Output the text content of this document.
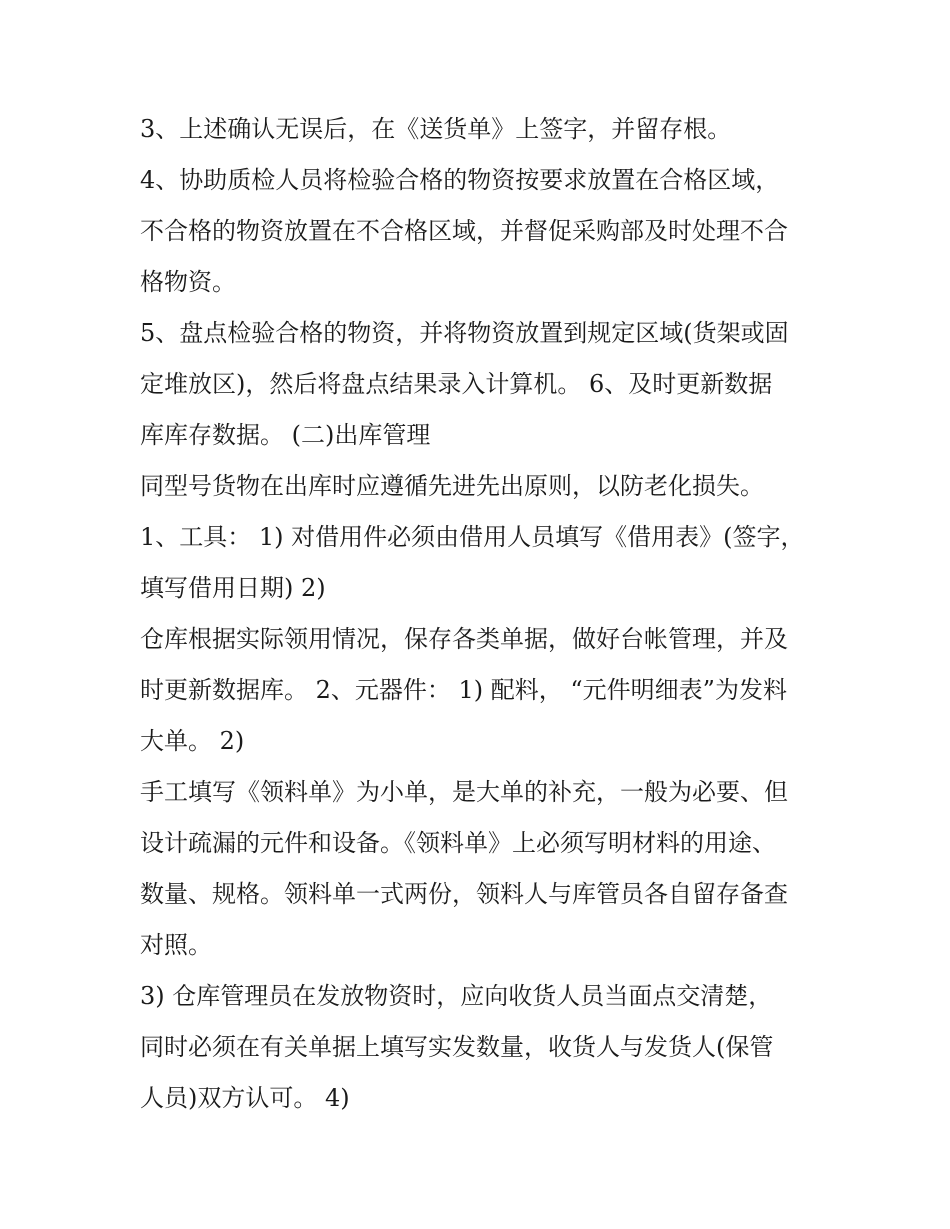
3、上述确认无误后，在《送货单》上签字，并留存根。
4、协助质检人员将检验合格的物资按要求放置在合格区域，
不合格的物资放置在不合格区域，并督促采购部及时处理不合
格物资。
5、盘点检验合格的物资，并将物资放置到规定区域(货架或固
定堆放区)，然后将盘点结果录入计算机。 6、及时更新数据
库库存数据。 (二)出库管理
同型号货物在出库时应遵循先进先出原则，以防老化损失。
1、工具： 1) 对借用件必须由借用人员填写《借用表》(签字，
填写借用日期) 2)
仓库根据实际领用情况，保存各类单据，做好台帐管理，并及
时更新数据库。 2、元器件： 1) 配料， “元件明细表”为发料
大单。 2)
手工填写《领料单》为小单，是大单的补充，一般为必要、但
设计疏漏的元件和设备。《领料单》上必须写明材料的用途、
数量、规格。领料单一式两份，领料人与库管员各自留存备查
对照。
3) 仓库管理员在发放物资时，应向收货人员当面点交清楚，
同时必须在有关单据上填写实发数量，收货人与发货人(保管
人员)双方认可。 4)
